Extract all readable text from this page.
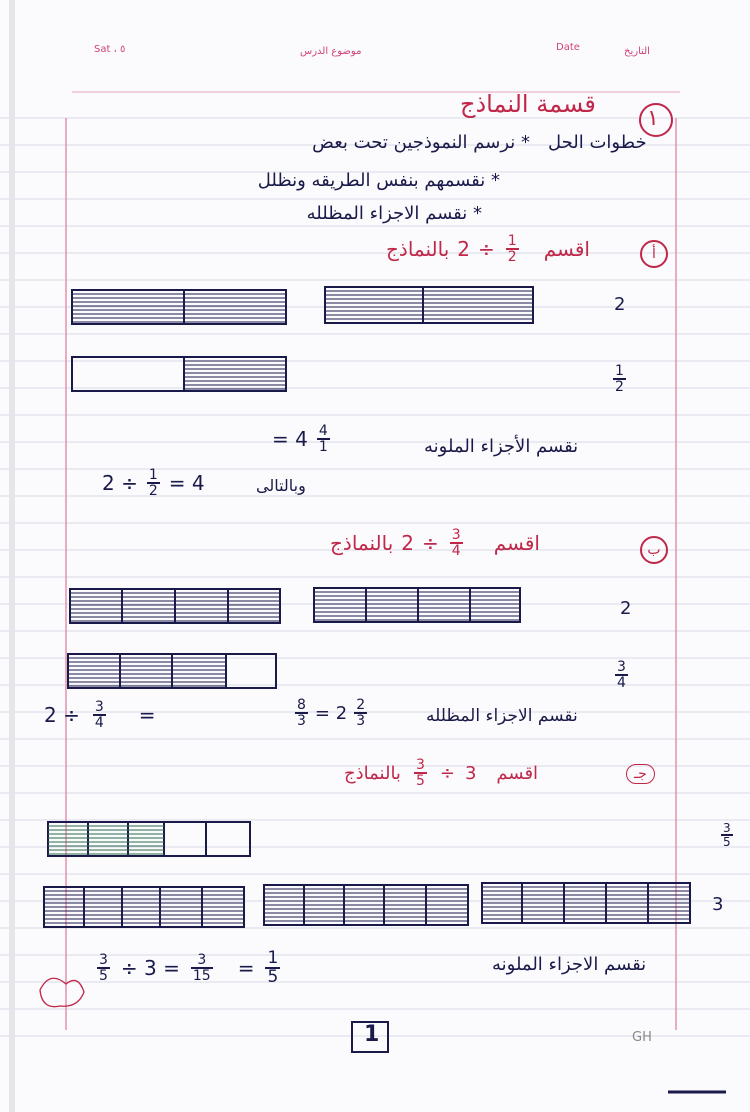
Sat ، ٥	موضوع الدرس	Date	التاريخ
١
قسمة النماذج
خطوات الحل
* نرسم النموذجين تحت بعض
* نقسمهم بنفس الطريقه ونظلل
* نقسم الاجزاء المظلله
أ
بالنماذج $2 \div \frac{1}{2}$ اقسم
2
$\frac{1}{2}$
نقسم الأجزاء الملونه
= $4 \frac{4}{1}$
$2 \div \frac{1}{2} = 4$	وبالتالى
ب
بالنماذج $2 \div \frac{3}{4}$ اقسم
2
$\frac{3}{4}$
$2 \div \frac{3}{4}$ =	$\frac{8}{3} = 2 \frac{2}{3}$	نقسم الاجزاء المظلله
جـ
بالنماذج $\frac{3}{5} \div 3$ اقسم
$\frac{3}{5}$
3
$\frac{3}{5} \div 3 = \frac{3}{15} = \frac{1}{5}$	نقسم الاجزاء الملونه
1	GH
